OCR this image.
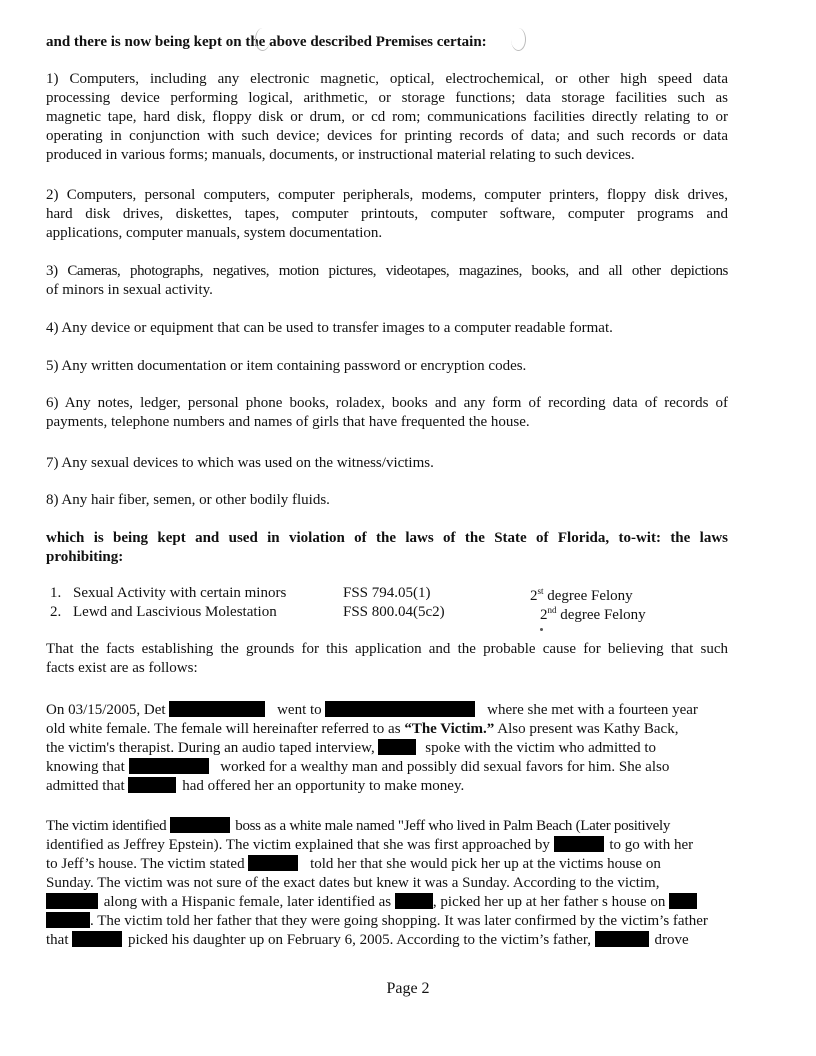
and there is now being kept on the above described Premises certain:
1) Computers, including any electronic magnetic, optical, electrochemical, or other high speed data
processing device performing logical, arithmetic, or storage functions; data storage facilities such as
magnetic tape, hard disk, floppy disk or drum, or cd rom; communications facilities directly relating to or
operating in conjunction with such device; devices for printing records of data; and such records or data
produced in various forms; manuals, documents, or instructional material relating to such devices.
2) Computers, personal computers, computer peripherals, modems, computer printers, floppy disk drives,
hard disk drives, diskettes, tapes, computer printouts, computer software, computer programs and
applications, computer manuals, system documentation.
3) Cameras, photographs, negatives, motion pictures, videotapes, magazines, books, and all other depictions
of minors in sexual activity.
4) Any device or equipment that can be used to transfer images to a computer readable format.
5) Any written documentation or item containing password or encryption codes.
6) Any notes, ledger, personal phone books, roladex, books and any form of recording data of records of
payments, telephone numbers and names of girls that have frequented the house.
7) Any sexual devices to which was used on the witness/victims.
8) Any hair fiber, semen, or other bodily fluids.
which is being kept and used in violation of the laws of the State of Florida, to-wit: the laws
prohibiting:
1. Sexual Activity with certain minors	FSS 794.05(1)	2st degree Felony
2. Lewd and Lascivious Molestation	FSS 800.04(5c2)	2nd degree Felony
That the facts establishing the grounds for this application and the probable cause for believing that such
facts exist are as follows:
On 03/15/2005, Det	went to	where she met with a fourteen year
old white female. The female will hereinafter referred to as “The Victim.” Also present was Kathy Back,
the victim's therapist. During an audio taped interview,	spoke with the victim who admitted to
knowing that	worked for a wealthy man and possibly did sexual favors for him. She also
admitted that	had offered her an opportunity to make money.
The victim identified	boss as a white male named "Jeff who lived in Palm Beach (Later positively
identified as Jeffrey Epstein). The victim explained that she was first approached by	to go with her
to Jeff’s house. The victim stated	told her that she would pick her up at the victims house on
Sunday. The victim was not sure of the exact dates but knew it was a Sunday. According to the victim,
along with a Hispanic female, later identified as	, picked her up at her father s house on
. The victim told her father that they were going shopping. It was later confirmed by the victim’s father
that	picked his daughter up on February 6, 2005. According to the victim’s father,	drove
Page 2
